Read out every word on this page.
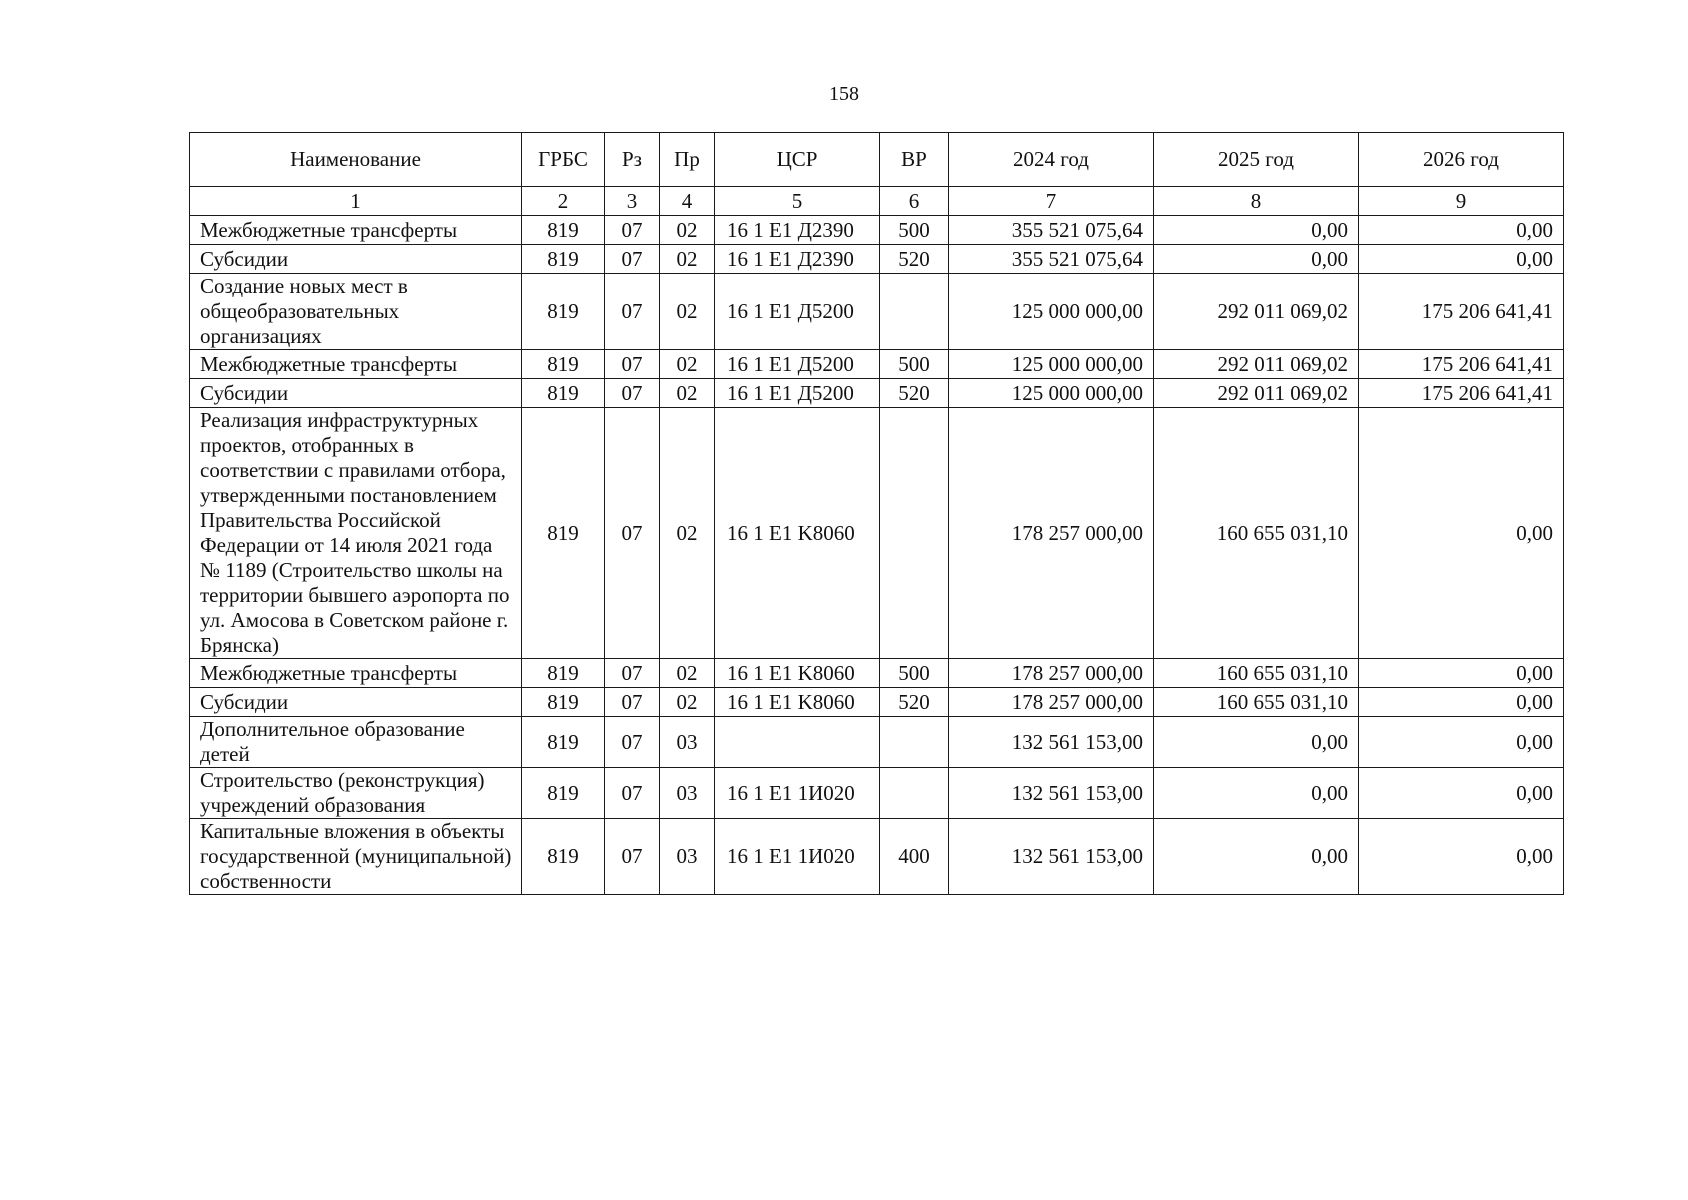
158
Наименование	ГРБС	Рз	Пр	ЦСР	ВР	2024 год	2025 год	2026 год
1	2	3	4	5	6	7	8	9
Межбюджетные трансферты	819	07	02	16 1 E1 Д2390	500	355 521 075,64	0,00	0,00
Субсидии	819	07	02	16 1 E1 Д2390	520	355 521 075,64	0,00	0,00
Создание новых мест в общеобразовательных организациях	819	07	02	16 1 E1 Д5200		125 000 000,00	292 011 069,02	175 206 641,41
Межбюджетные трансферты	819	07	02	16 1 E1 Д5200	500	125 000 000,00	292 011 069,02	175 206 641,41
Субсидии	819	07	02	16 1 E1 Д5200	520	125 000 000,00	292 011 069,02	175 206 641,41
Реализация инфраструктурных проектов, отобранных в соответствии с правилами отбора, утвержденными постановлением Правительства Российской Федерации от 14 июля 2021 года № 1189 (Строительство школы на территории бывшего аэропорта по ул. Амосова в Советском районе г. Брянска)	819	07	02	16 1 E1 K8060		178 257 000,00	160 655 031,10	0,00
Межбюджетные трансферты	819	07	02	16 1 E1 K8060	500	178 257 000,00	160 655 031,10	0,00
Субсидии	819	07	02	16 1 E1 K8060	520	178 257 000,00	160 655 031,10	0,00
Дополнительное образование детей	819	07	03			132 561 153,00	0,00	0,00
Строительство (реконструкция) учреждений образования	819	07	03	16 1 E1 1И020		132 561 153,00	0,00	0,00
Капитальные вложения в объекты государственной (муниципальной) собственности	819	07	03	16 1 E1 1И020	400	132 561 153,00	0,00	0,00
